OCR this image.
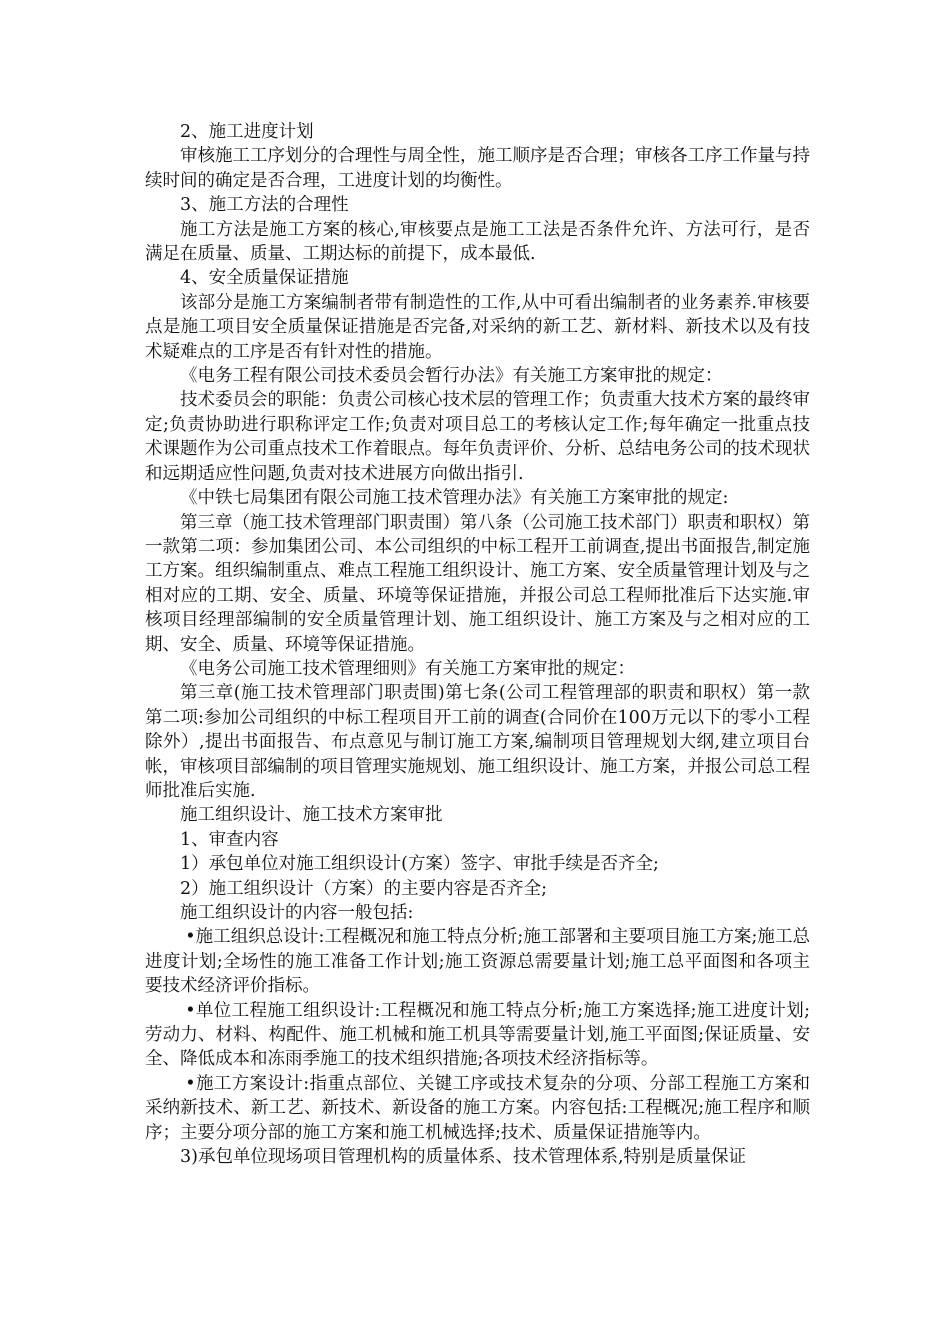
2、施工进度计划

审核施工工序划分的合理性与周全性，施工顺序是否合理；审核各工序工作量与持续时间的确定是否合理，工进度计划的均衡性。

3、施工方法的合理性

施工方法是施工方案的核心,审核要点是施工工法是否条件允许、方法可行，是否满足在质量、质量、工期达标的前提下，成本最低.

4、安全质量保证措施

该部分是施工方案编制者带有制造性的工作,从中可看出编制者的业务素养.审核要点是施工项目安全质量保证措施是否完备,对采纳的新工艺、新材料、新技术以及有技术疑难点的工序是否有针对性的措施。

《电务工程有限公司技术委员会暂行办法》有关施工方案审批的规定：

技术委员会的职能：负责公司核心技术层的管理工作；负责重大技术方案的最终审定;负责协助进行职称评定工作;负责对项目总工的考核认定工作;每年确定一批重点技术课题作为公司重点技术工作着眼点。每年负责评价、分析、总结电务公司的技术现状和远期适应性问题,负责对技术进展方向做出指引.

《中铁七局集团有限公司施工技术管理办法》有关施工方案审批的规定:

第三章（施工技术管理部门职责围）第八条（公司施工技术部门）职责和职权）第一款第二项：参加集团公司、本公司组织的中标工程开工前调查,提出书面报告,制定施工方案。组织编制重点、难点工程施工组织设计、施工方案、安全质量管理计划及与之相对应的工期、安全、质量、环境等保证措施，并报公司总工程师批准后下达实施.审核项目经理部编制的安全质量管理计划、施工组织设计、施工方案及与之相对应的工期、安全、质量、环境等保证措施。

《电务公司施工技术管理细则》有关施工方案审批的规定：

第三章(施工技术管理部门职责围)第七条(公司工程管理部的职责和职权）第一款第二项:参加公司组织的中标工程项目开工前的调查(合同价在100万元以下的零小工程除外）,提出书面报告、布点意见与制订施工方案,编制项目管理规划大纲,建立项目台帐，审核项目部编制的项目管理实施规划、施工组织设计、施工方案，并报公司总工程师批准后实施.

施工组织设计、施工技术方案审批

1、审查内容

1）承包单位对施工组织设计(方案）签字、审批手续是否齐全;

2）施工组织设计（方案）的主要内容是否齐全;

施工组织设计的内容一般包括:

•施工组织总设计:工程概况和施工特点分析;施工部署和主要项目施工方案;施工总进度计划;全场性的施工准备工作计划;施工资源总需要量计划;施工总平面图和各项主要技术经济评价指标。

•单位工程施工组织设计:工程概况和施工特点分析;施工方案选择;施工进度计划;劳动力、材料、构配件、施工机械和施工机具等需要量计划,施工平面图;保证质量、安全、降低成本和冻雨季施工的技术组织措施;各项技术经济指标等。

•施工方案设计:指重点部位、关键工序或技术复杂的分项、分部工程施工方案和采纳新技术、新工艺、新技术、新设备的施工方案。内容包括:工程概况;施工程序和顺序；主要分项分部的施工方案和施工机械选择;技术、质量保证措施等内。

3)承包单位现场项目管理机构的质量体系、技术管理体系,特别是质量保证
